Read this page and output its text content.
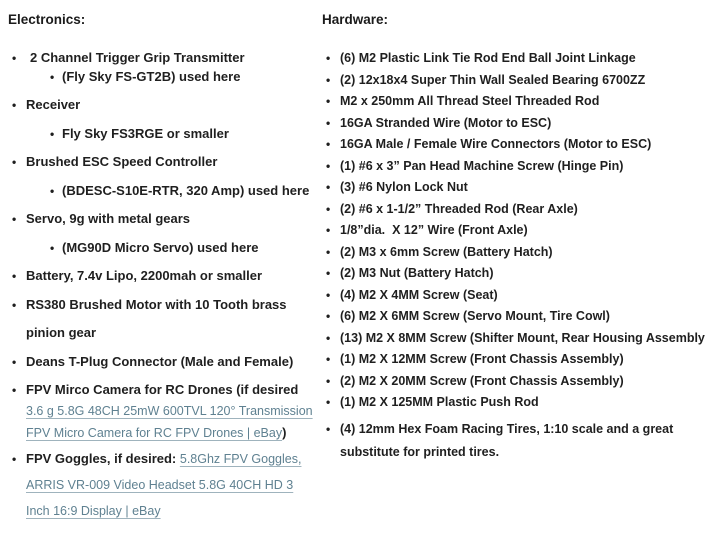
Electronics:
•
2 Channel Trigger Grip Transmitter
•
(Fly Sky FS-GT2B) used here
•
Receiver
•
Fly Sky FS3RGE or smaller
•
Brushed ESC Speed Controller
•
(BDESC-S10E-RTR, 320 Amp) used here
•
Servo, 9g with metal gears
•
(MG90D Micro Servo) used here
•
Battery, 7.4v Lipo, 2200mah or smaller
•
RS380 Brushed Motor with 10 Tooth brass
pinion gear
•
Deans T-Plug Connector (Male and Female)
•
FPV Mirco Camera for RC Drones (if desired
3.6 g 5.8G 48CH 25mW 600TVL 120° Transmission
FPV Micro Camera for RC FPV Drones | eBay)
•
FPV Goggles, if desired: 5.8Ghz FPV Goggles,
ARRIS VR-009 Video Headset 5.8G 40CH HD 3
Inch 16:9 Display | eBay
Hardware:
•
(6) M2 Plastic Link Tie Rod End Ball Joint Linkage
•
(2) 12x18x4 Super Thin Wall Sealed Bearing 6700ZZ
•
M2 x 250mm All Thread Steel Threaded Rod
•
16GA Stranded Wire (Motor to ESC)
•
16GA Male / Female Wire Connectors (Motor to ESC)
•
(1) #6 x 3” Pan Head Machine Screw (Hinge Pin)
•
(3) #6 Nylon Lock Nut
•
(2) #6 x 1-1/2” Threaded Rod (Rear Axle)
•
1/8”dia.  X 12” Wire (Front Axle)
•
(2) M3 x 6mm Screw (Battery Hatch)
•
(2) M3 Nut (Battery Hatch)
•
(4) M2 X 4MM Screw (Seat)
•
(6) M2 X 6MM Screw (Servo Mount, Tire Cowl)
•
(13) M2 X 8MM Screw (Shifter Mount, Rear Housing Assembly
•
(1) M2 X 12MM Screw (Front Chassis Assembly)
•
(2) M2 X 20MM Screw (Front Chassis Assembly)
•
(1) M2 X 125MM Plastic Push Rod
•
(4) 12mm Hex Foam Racing Tires, 1:10 scale and a great substitute for printed tires.
